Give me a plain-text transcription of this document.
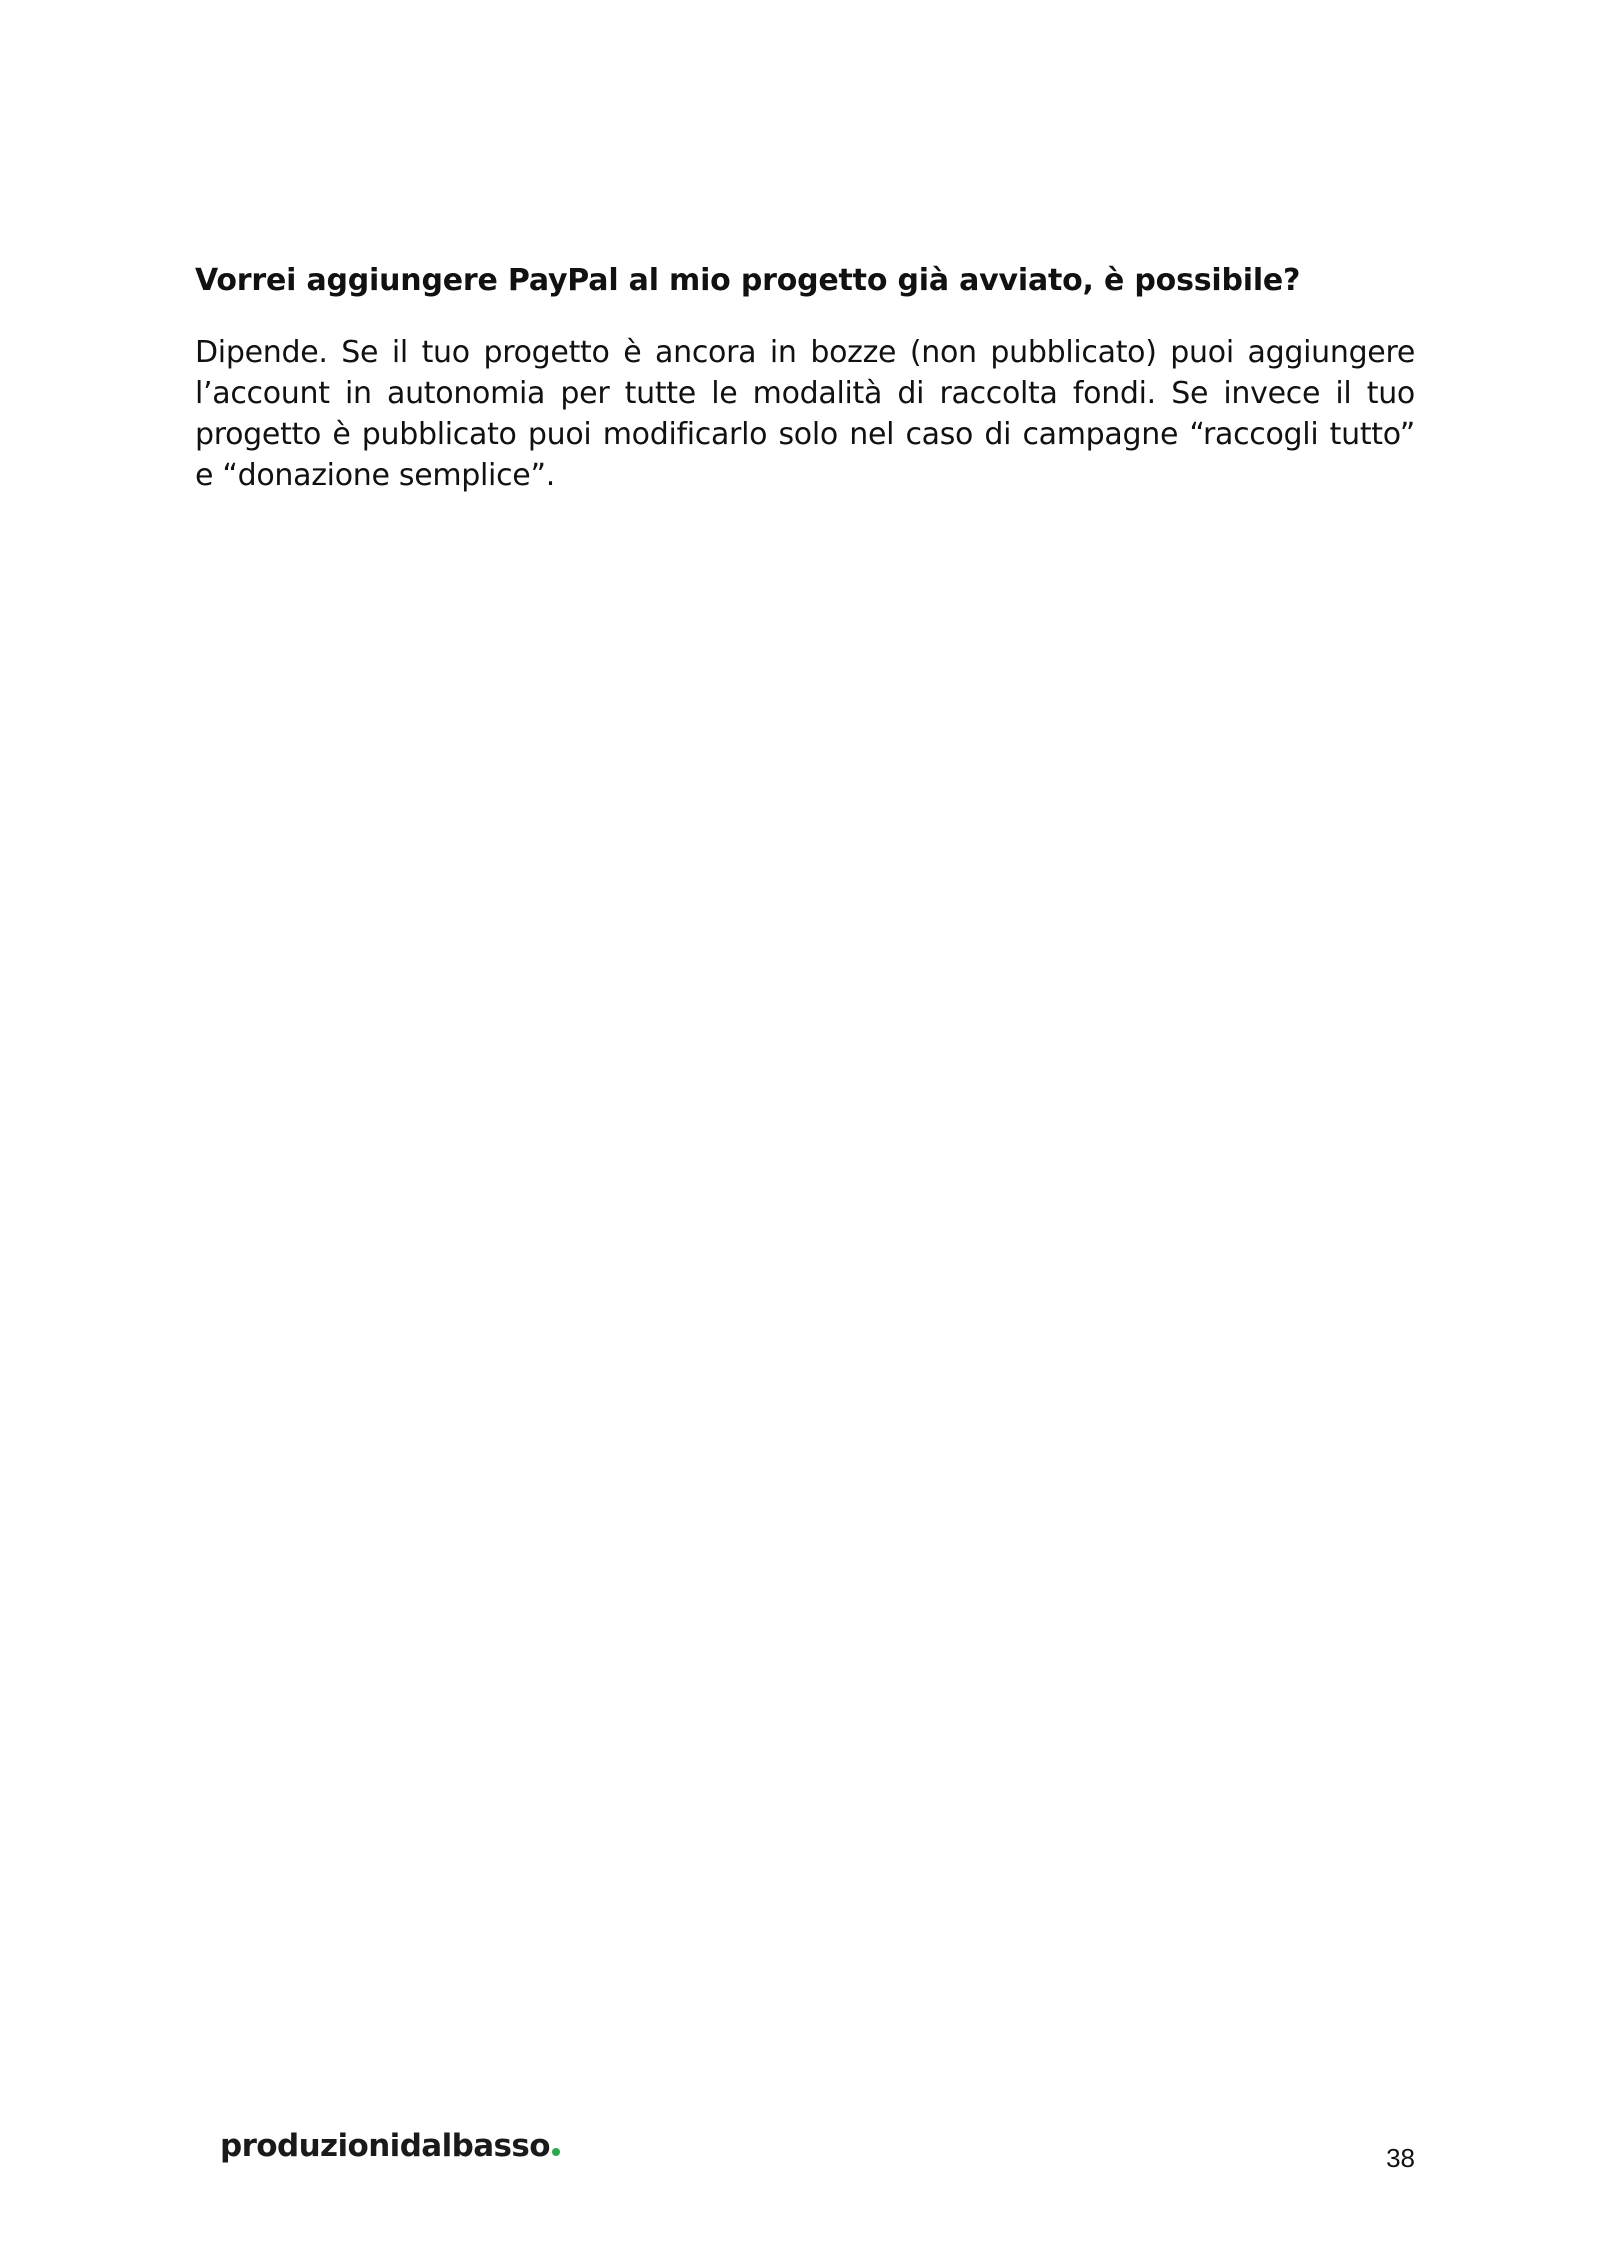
Vorrei aggiungere PayPal al mio progetto già avviato, è possibile?

Dipende. Se il tuo progetto è ancora in bozze (non pubblicato) puoi aggiungere l’account in autonomia per tutte le modalità di raccolta fondi. Se invece il tuo progetto è pubblicato puoi modificarlo solo nel caso di campagne “raccogli tutto” e “donazione semplice”.

produzionidalbasso	38
